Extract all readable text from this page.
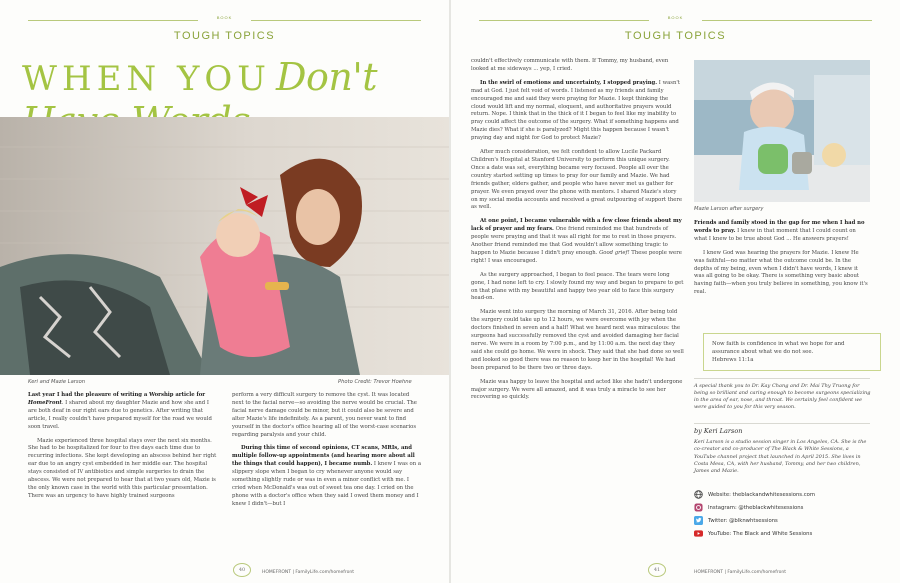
BOOK
TOUGH TOPICS
WHEN YOU Don't
Keri and Mazie Larson	Photo Credit: Trevor Hoehne

Last year I had the pleasure of writing a Worship article for HomeFront. I shared about my daughter Mazie and how she and I are both deaf in our right ears due to genetics. After writing that article, I really couldn't have prepared myself for the road we would soon travel.

Mazie experienced three hospital stays over the next six months. She had to be hospitalized for four to five days each time due to recurring infections. She kept developing an abscess behind her right ear due to an angry cyst embedded in her middle ear. The hospital stays consisted of IV antibiotics and simple surgeries to drain the abscess. We were not prepared to hear that at two years old, Mazie is the only known case in the world with this particular presentation. There was an urgency to have highly trained surgeons

perform a very difficult surgery to remove the cyst. It was located next to the facial nerve—so avoiding the nerve would be crucial. The facial nerve damage could be minor, but it could also be severe and alter Mazie's life indefinitely. As a parent, you never want to find yourself in the doctor's office hearing all of the worst-case scenarios regarding paralysis and your child.

During this time of second opinions, CT scans, MRIs, and multiple follow-up appointments (and hearing more about all the things that could happen), I became numb. I knew I was on a slippery slope when I began to cry whenever anyone would say something slightly rude or was in even a minor conflict with me. I cried when McDonald's was out of sweet tea one day. I cried on the phone with a doctor's office when they said I owed them money and I knew I didn't—but I

40	HOMEFRONT | FamilyLife.com/homefront
BOOK
TOUGH TOPICS

couldn't effectively communicate with them. If Tommy, my husband, even looked at me sideways ... yep, I cried.

In the swirl of emotions and uncertainty, I stopped praying. I wasn't mad at God. I just felt void of words. I listened as my friends and family encouraged me and said they were praying for Mazie. I kept thinking the cloud would lift and my normal, eloquent, and authoritative prayers would return. Nope. I think that in the thick of it I began to feel like my inability to pray could affect the outcome of the surgery. What if something happens and Mazie dies? What if she is paralyzed? Might this happen because I wasn't praying day and night for God to protect Mazie?

After much consideration, we felt confident to allow Lucile Packard Children's Hospital at Stanford University to perform this unique surgery. Once a date was set, everything became very focused. People all over the country started setting up times to pray for our family and Mazie. We had friends gather, elders gather, and people who have never met us gather for prayer. We even prayed over the phone with mentors. I shared Mazie's story on my social media accounts and received a great outpouring of support there as well.

At one point, I became vulnerable with a few close friends about my lack of prayer and my fears. One friend reminded me that hundreds of people were praying and that it was all right for me to rest in those prayers. Another friend reminded me that God wouldn't allow something tragic to happen to Mazie because I didn't pray enough. Good grief! These people were right! I was encouraged.

As the surgery approached, I began to feel peace. The tears were long gone, I had none left to cry. I slowly found my way and began to prepare to get on that plane with my beautiful and happy two year old to face this surgery head-on.

Mazie went into surgery the morning of March 31, 2016. After being told the surgery could take up to 12 hours, we were overcome with joy when the doctors finished in seven and a half! What we heard next was miraculous: the surgeons had successfully removed the cyst and avoided damaging her facial nerve. We were in a room by 7:00 p.m., and by 11:00 a.m. the next day they said she could go home. We were in shock. They said that she had done so well and looked so good there was no reason to keep her in the hospital! We had been prepared to be there two or three days.

Mazie was happy to leave the hospital and acted like she hadn't undergone major surgery. We were all amazed, and it was truly a miracle to see her recovering so quickly.

Mazie Larson after surgery

Friends and family stood in the gap for me when I had no words to pray. I knew in that moment that I could count on what I knew to be true about God ... He answers prayers!

I knew God was hearing the prayers for Mazie. I knew He was faithful—no matter what the outcome could be. In the depths of my being, even when I didn't have words, I knew it was all going to be okay. There is something very basic about having faith—when you truly believe in something, you know it's real.

Now faith is confidence in what we hope for and assurance about what we do not see.
Hebrews 11:1a
A special thank you to Dr. Kay Chang and Dr. Mai Thy Truong for being so brilliant and caring enough to become surgeons specializing in the area of ear, nose, and throat. We certainly feel confident we were guided to you for this very season.
by Keri Larson
Keri Larson is a studio session singer in Los Angeles, CA. She is the co-creator and co-producer of The Black & White Sessions, a YouTube channel project that launched in April 2015. She lives in Costa Mesa, CA, with her husband, Tommy, and her two children, James and Mazie.
Website: theblackandwhitesessions.com
Instagram: @theblackwhitesessions
Twitter: @blknwhtsessions
YouTube: The Black and White Sessions
41	HOMEFRONT | FamilyLife.com/homefront
